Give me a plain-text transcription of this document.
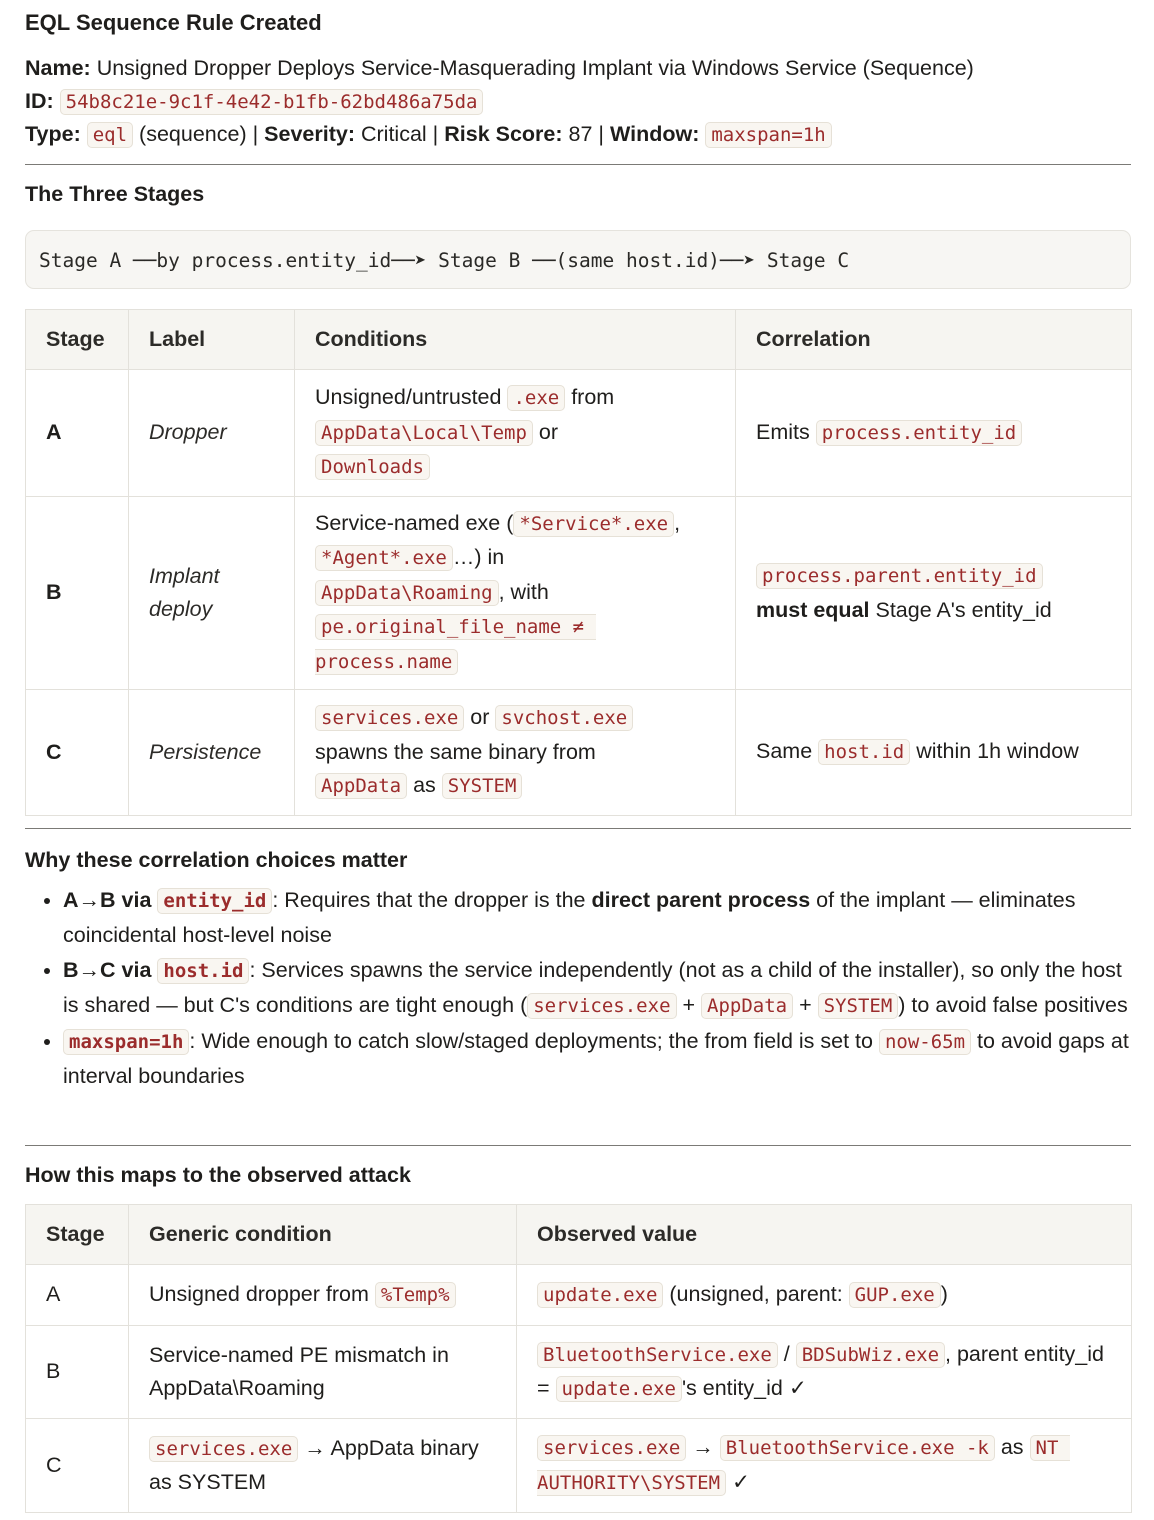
EQL Sequence Rule Created
Name: Unsigned Dropper Deploys Service-Masquerading Implant via Windows Service (Sequence)
ID: 54b8c21e-9c1f-4e42-b1fb-62bd486a75da
Type: eql (sequence) | Severity: Critical | Risk Score: 87 | Window: maxspan=1h
The Three Stages
Stage A ──by process.entity_id──➤ Stage B ──(same host.id)──➤ Stage C
Stage	Label	Conditions	Correlation
A	Dropper	Unsigned/untrusted .exe from
AppData\Local\Temp or
Downloads	Emits process.entity_id
B	Implant deploy	Service-named exe ( *Service*.exe ,
*Agent*.exe …) in
AppData\Roaming , with
pe.original_file_name ≠ process.name	process.parent.entity_id
must equal Stage A's entity_id
C	Persistence	services.exe or svchost.exe
spawns the same binary from
AppData as SYSTEM	Same host.id within 1h window
Why these correlation choices matter
• A→B via entity_id : Requires that the dropper is the direct parent process of the implant — eliminates coincidental host-level noise
• B→C via host.id : Services spawns the service independently (not as a child of the installer), so only the host is shared — but C's conditions are tight enough ( services.exe + AppData + SYSTEM ) to avoid false positives
• maxspan=1h : Wide enough to catch slow/staged deployments; the from field is set to now-65m to avoid gaps at interval boundaries
How this maps to the observed attack
Stage	Generic condition	Observed value
A	Unsigned dropper from %Temp%	update.exe (unsigned, parent: GUP.exe )
B	Service-named PE mismatch in AppData\Roaming	BluetoothService.exe / BDSubWiz.exe , parent entity_id = update.exe 's entity_id ✓
C	services.exe → AppData binary as SYSTEM	services.exe → BluetoothService.exe -k as NT AUTHORITY\SYSTEM ✓
